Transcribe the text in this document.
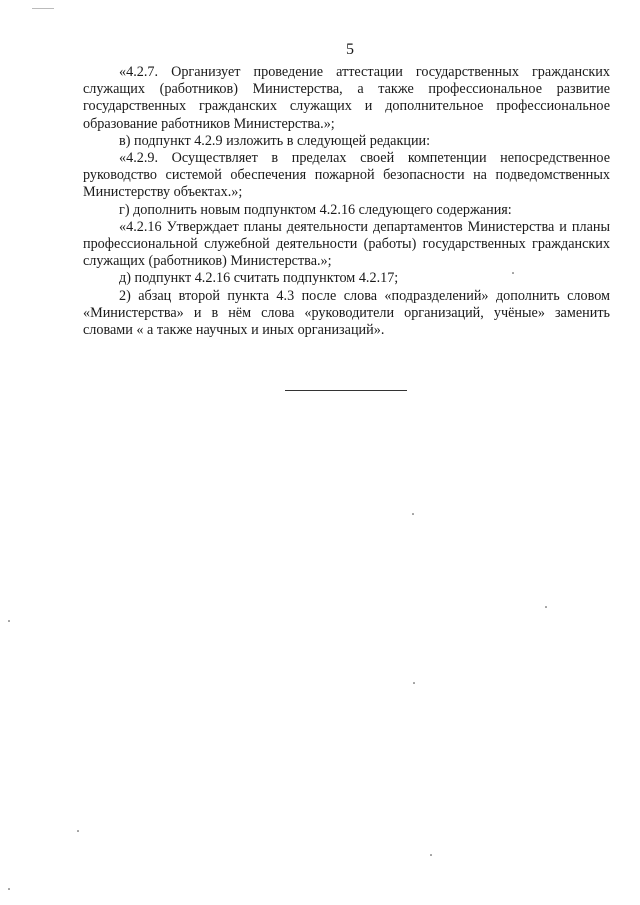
5

«4.2.7. Организует проведение аттестации государственных гражданских служащих (работников) Министерства, а также профессиональное развитие государственных гражданских служащих и дополнительное профессиональное образование работников Министерства.»;

в) подпункт 4.2.9 изложить в следующей редакции:

«4.2.9. Осуществляет в пределах своей компетенции непосредственное руководство системой обеспечения пожарной безопасности на подведомственных Министерству объектах.»;

г) дополнить новым подпунктом 4.2.16 следующего содержания:

«4.2.16 Утверждает планы деятельности департаментов Министерства и планы профессиональной служебной деятельности (работы) государственных гражданских служащих (работников) Министерства.»;

д) подпункт 4.2.16 считать подпунктом 4.2.17;

2) абзац второй пункта 4.3 после слова «подразделений» дополнить словом «Министерства» и в нём слова «руководители организаций, учёные» заменить словами « а также научных и иных организаций».
